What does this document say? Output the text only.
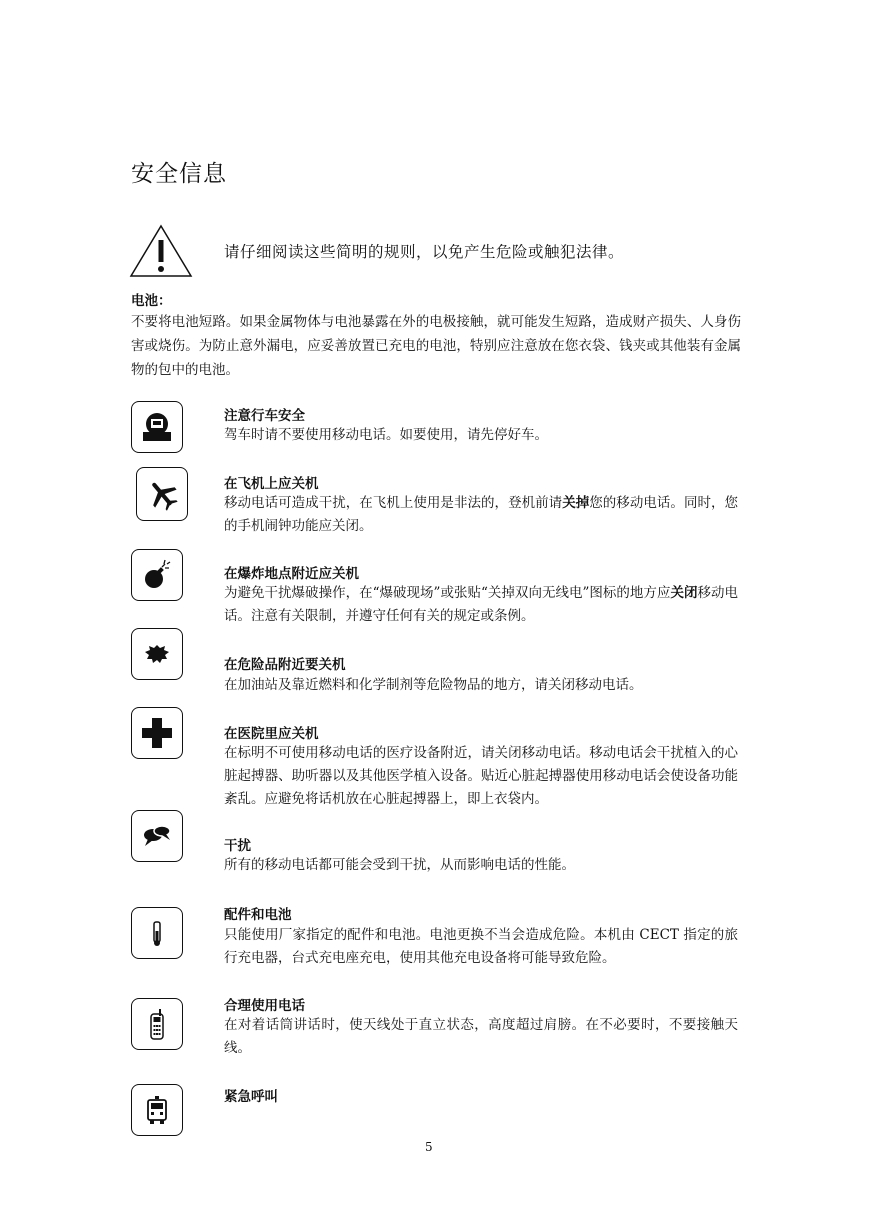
安全信息
请仔细阅读这些简明的规则，以免产生危险或触犯法律。
电池：
不要将电池短路。如果金属物体与电池暴露在外的电极接触，就可能发生短路，造成财产损失、人身伤害或烧伤。为防止意外漏电，应妥善放置已充电的电池，特别应注意放在您衣袋、钱夹或其他装有金属物的包中的电池。
注意行车安全
驾车时请不要使用移动电话。如要使用，请先停好车。
在飞机上应关机
移动电话可造成干扰，在飞机上使用是非法的，登机前请关掉您的移动电话。同时，您的手机闹钟功能应关闭。
在爆炸地点附近应关机
为避免干扰爆破操作，在“爆破现场”或张贴“关掉双向无线电”图标的地方应关闭移动电话。注意有关限制，并遵守任何有关的规定或条例。
在危险品附近要关机
在加油站及靠近燃料和化学制剂等危险物品的地方，请关闭移动电话。
在医院里应关机
在标明不可使用移动电话的医疗设备附近，请关闭移动电话。移动电话会干扰植入的心脏起搏器、助听器以及其他医学植入设备。贴近心脏起搏器使用移动电话会使设备功能紊乱。应避免将话机放在心脏起搏器上，即上衣袋内。
干扰
所有的移动电话都可能会受到干扰，从而影响电话的性能。
配件和电池
只能使用厂家指定的配件和电池。电池更换不当会造成危险。本机由 CECT 指定的旅行充电器，台式充电座充电，使用其他充电设备将可能导致危险。
合理使用电话
在对着话筒讲话时，使天线处于直立状态，高度超过肩膀。在不必要时，不要接触天线。
紧急呼叫
5
